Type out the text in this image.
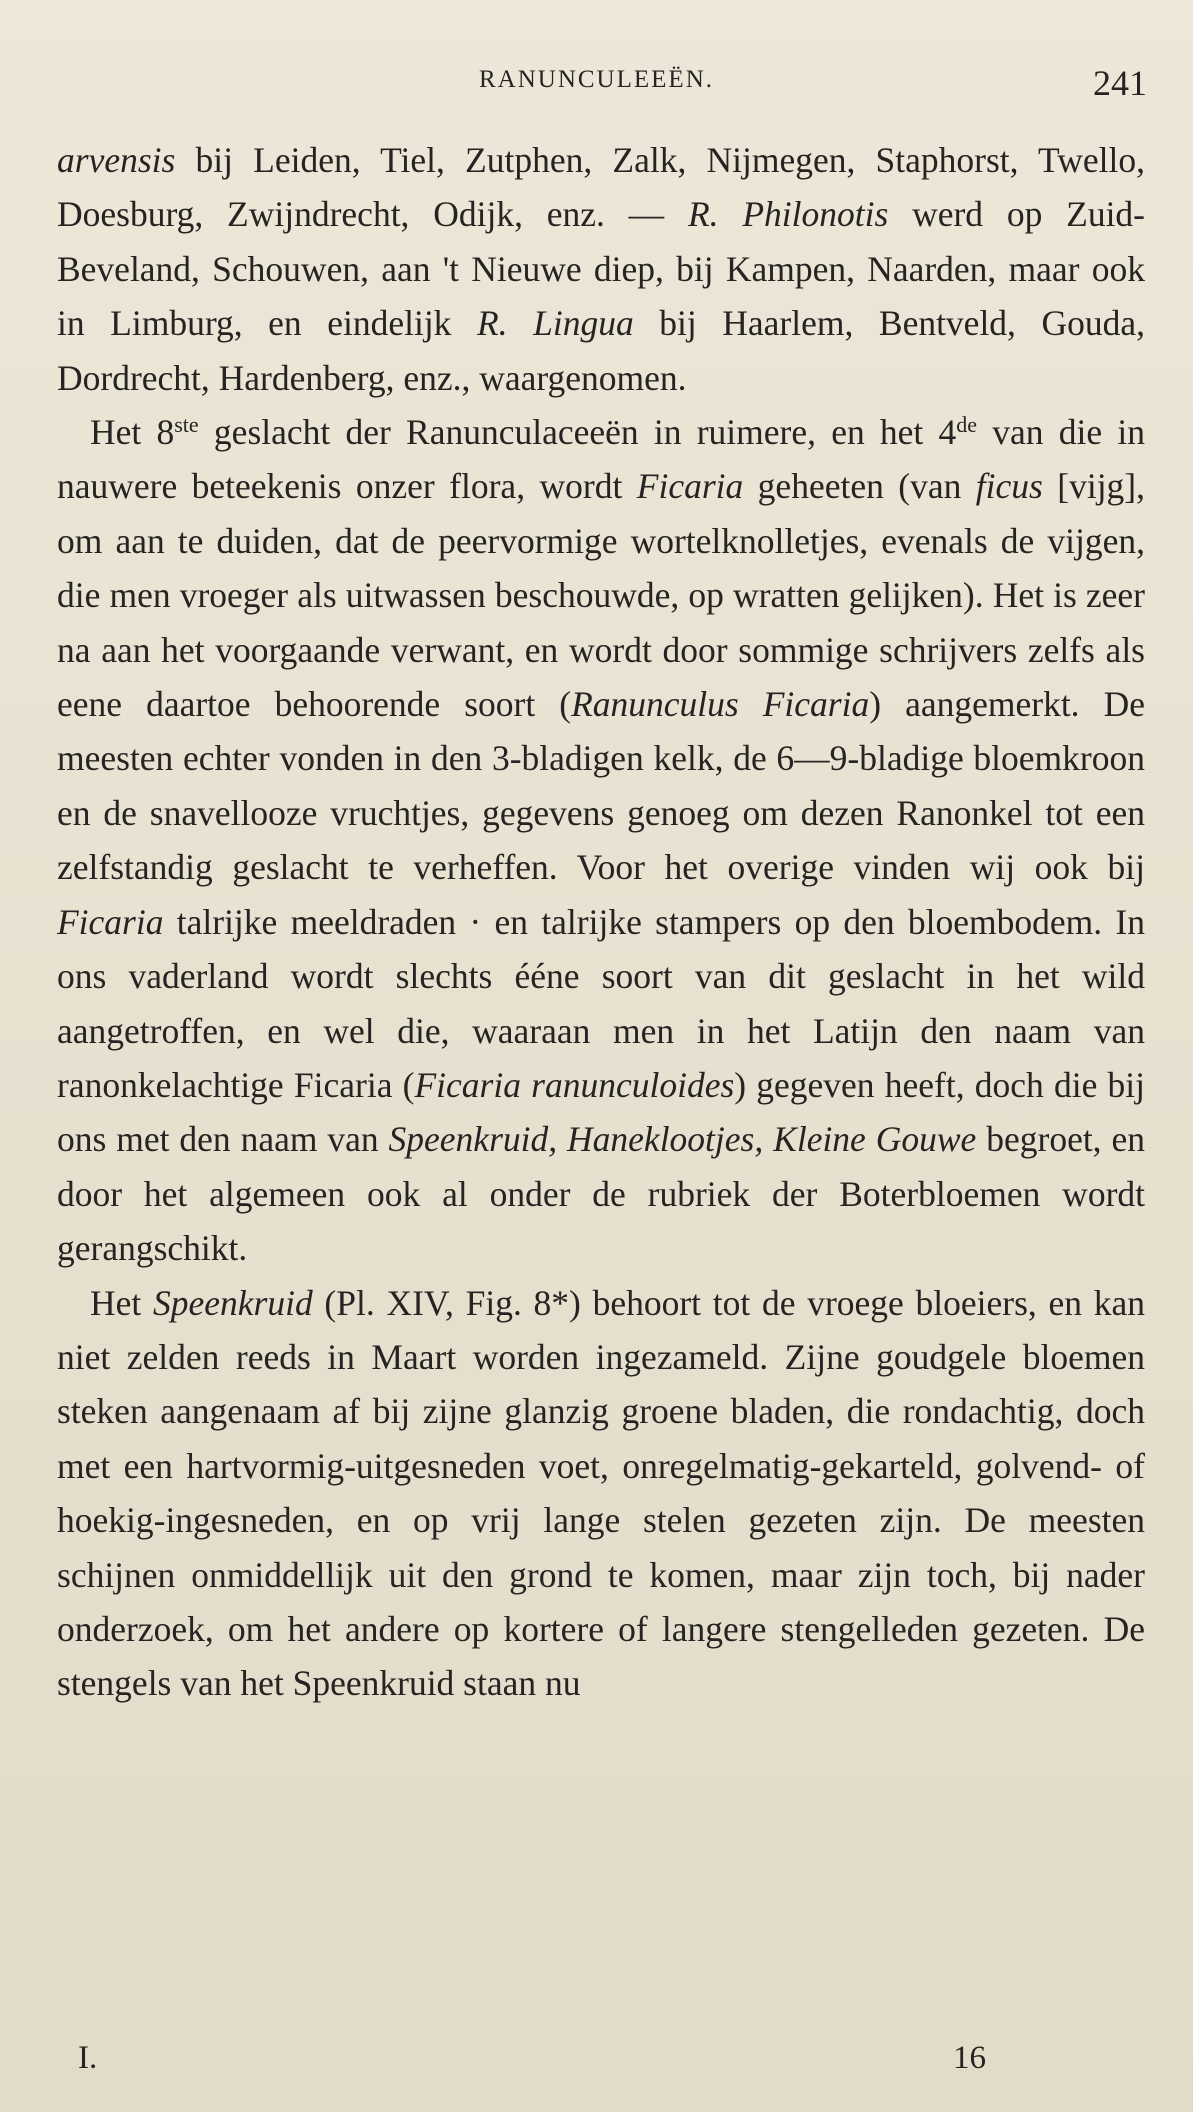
RANUNCULEEËN.	241

arvensis bij Leiden, Tiel, Zutphen, Zalk, Nijmegen, Staphorst, Twello, Doesburg, Zwijndrecht, Odijk, enz. — R. Philonotis werd op Zuid-Beveland, Schouwen, aan 't Nieuwe diep, bij Kampen, Naarden, maar ook in Limburg, en eindelijk R. Lingua bij Haarlem, Bentveld, Gouda, Dordrecht, Hardenberg, enz., waargenomen.

Het 8ste geslacht der Ranunculaceeën in ruimere, en het 4de van die in nauwere beteekenis onzer flora, wordt Ficaria geheeten (van ficus [vijg], om aan te duiden, dat de peervormige wortelknolletjes, evenals de vijgen, die men vroeger als uitwassen beschouwde, op wratten gelijken). Het is zeer na aan het voorgaande verwant, en wordt door sommige schrijvers zelfs als eene daartoe behoorende soort (Ranunculus Ficaria) aangemerkt. De meesten echter vonden in den 3-bladigen kelk, de 6—9-bladige bloemkroon en de snavellooze vruchtjes, gegevens genoeg om dezen Ranonkel tot een zelfstandig geslacht te verheffen. Voor het overige vinden wij ook bij Ficaria talrijke meeldraden · en talrijke stampers op den bloembodem. In ons vaderland wordt slechts éénе soort van dit geslacht in het wild aangetroffen, en wel die, waaraan men in het Latijn den naam van ranonkelachtige Ficaria (Ficaria ranunculoides) gegeven heeft, doch die bij ons met den naam van Speenkruid, Haneklootjes, Kleine Gouwe begroet, en door het algemeen ook al onder de rubriek der Boterbloemen wordt gerangschikt.

Het Speenkruid (Pl. XIV, Fig. 8*) behoort tot de vroege bloeiers, en kan niet zelden reeds in Maart worden ingezameld. Zijne goudgele bloemen steken aangenaam af bij zijne glanzig groene bladen, die rondachtig, doch met een hartvormig-uitgesneden voet, onregelmatig-gekarteld, golvend- of hoekig-ingesneden, en op vrij lange stelen gezeten zijn. De meesten schijnen onmiddellijk uit den grond te komen, maar zijn toch, bij nader onderzoek, om het andere op kortere of langere stengelleden gezeten. De stengels van het Speenkruid staan nu

I.	16
